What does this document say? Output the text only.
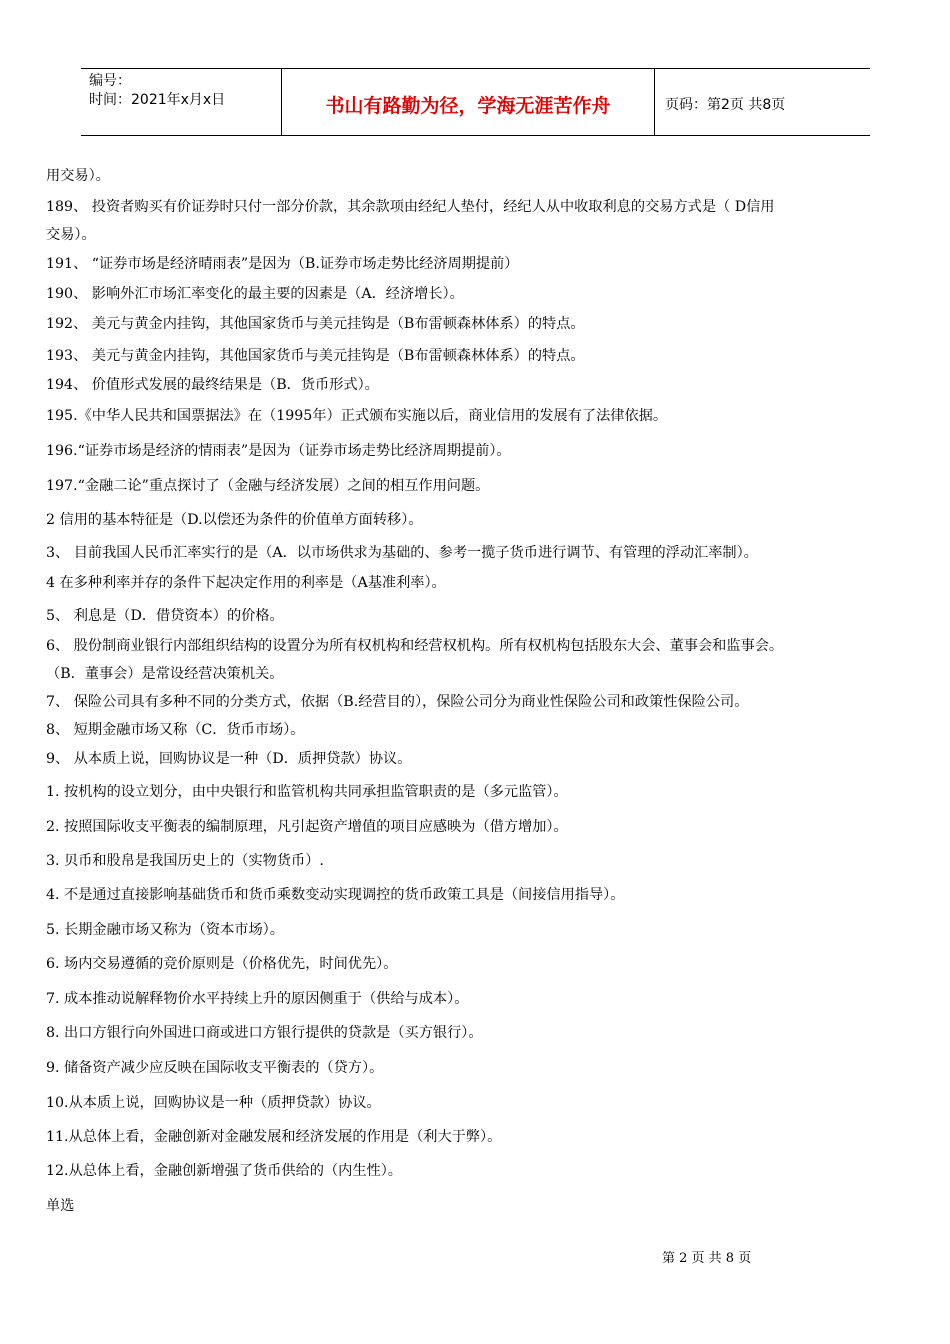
编号：
时间：2021年x月x日	书山有路勤为径，学海无涯苦作舟	页码：第2页 共8页
用交易）。
189、 投资者购买有价证券时只付一部分价款，其余款项由经纪人垫付，经纪人从中收取利息的交易方式是（ D信用
交易）。
191、 “证券市场是经济晴雨表”是因为（B.证券市场走势比经济周期提前）
190、 影响外汇市场汇率变化的最主要的因素是（A．经济增长）。
192、 美元与黄金内挂钩，其他国家货币与美元挂钩是（B布雷顿森林体系）的特点。
193、 美元与黄金内挂钩，其他国家货币与美元挂钩是（B布雷顿森林体系）的特点。
194、 价值形式发展的最终结果是（B．货币形式）。
195.《中华人民共和国票据法》在（1995年）正式颁布实施以后，商业信用的发展有了法律依据。
196.“证券市场是经济的情雨表”是因为（证券市场走势比经济周期提前）。
197.“金融二论”重点探讨了（金融与经济发展）之间的相互作用问题。
2 信用的基本特征是（D.以偿还为条件的价值单方面转移）。
3、 目前我国人民币汇率实行的是（A．以市场供求为基础的、参考一揽子货币进行调节、有管理的浮动汇率制）。
4 在多种利率并存的条件下起决定作用的利率是（A基准利率）。
5、 利息是（D．借贷资本）的价格。
6、 股份制商业银行内部组织结构的设置分为所有权机构和经营权机构。所有权机构包括股东大会、董事会和监事会。
（B．董事会）是常设经营决策机关。
7、 保险公司具有多种不同的分类方式，依据（B.经营目的），保险公司分为商业性保险公司和政策性保险公司。
8、 短期金融市场又称（C．货币市场）。
9、 从本质上说，回购协议是一种（D．质押贷款）协议。
1. 按机构的设立划分，由中央银行和监管机构共同承担监管职责的是（多元监管）。
2. 按照国际收支平衡表的编制原理，凡引起资产增值的项目应感映为（借方增加）。
3. 贝币和股帛是我国历史上的（实物货币）.
4. 不是通过直接影响基础货币和货币乘数变动实现调控的货币政策工具是（间接信用指导）。
5. 长期金融市场又称为（资本市场）。
6. 场内交易遵循的竞价原则是（价格优先，时间优先）。
7. 成本推动说解释物价水平持续上升的原因侧重于（供给与成本）。
8. 出口方银行向外国进口商或进口方银行提供的贷款是（买方银行）。
9. 储备资产减少应反映在国际收支平衡表的（贷方）。
10.从本质上说，回购协议是一种（质押贷款）协议。
11.从总体上看，金融创新对金融发展和经济发展的作用是（利大于弊）。
12.从总体上看，金融创新增强了货币供给的（内生性）。
单选
第 2 页 共 8 页
